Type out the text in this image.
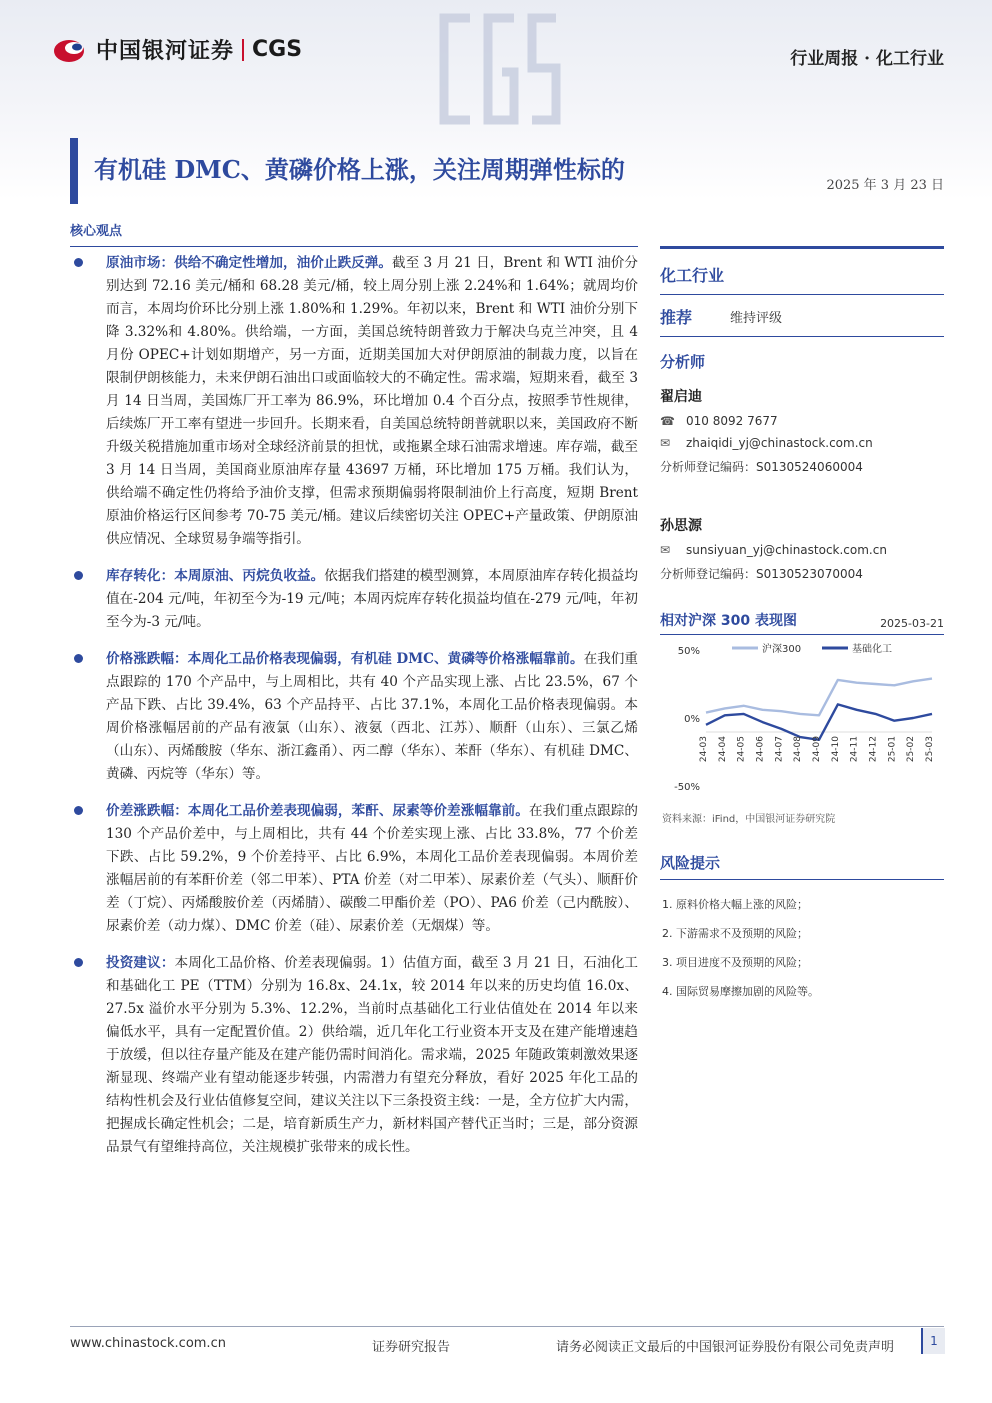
中国银河证券 CGS	行业周报 · 化工行业
有机硅 DMC、黄磷价格上涨，关注周期弹性标的
2025 年 3 月 23 日
核心观点
原油市场：供给不确定性增加，油价止跌反弹。截至 3 月 21 日，Brent 和 WTI 油价分别达到 72.16 美元/桶和 68.28 美元/桶，较上周分别上涨 2.24%和 1.64%；就周均价而言，本周均价环比分别上涨 1.80%和 1.29%。年初以来，Brent 和 WTI 油价分别下降 3.32%和 4.80%。供给端，一方面，美国总统特朗普致力于解决乌克兰冲突，且 4 月份 OPEC+计划如期增产，另一方面，近期美国加大对伊朗原油的制裁力度，以旨在限制伊朗核能力，未来伊朗石油出口或面临较大的不确定性。需求端，短期来看，截至 3 月 14 日当周，美国炼厂开工率为 86.9%，环比增加 0.4 个百分点，按照季节性规律，后续炼厂开工率有望进一步回升。长期来看，自美国总统特朗普就职以来，美国政府不断升级关税措施加重市场对全球经济前景的担忧，或拖累全球石油需求增速。库存端，截至 3 月 14 日当周，美国商业原油库存量 43697 万桶，环比增加 175 万桶。我们认为，供给端不确定性仍将给予油价支撑，但需求预期偏弱将限制油价上行高度，短期 Brent 原油价格运行区间参考 70-75 美元/桶。建议后续密切关注 OPEC+产量政策、伊朗原油供应情况、全球贸易争端等指引。
库存转化：本周原油、丙烷负收益。依据我们搭建的模型测算，本周原油库存转化损益均值在-204 元/吨，年初至今为-19 元/吨；本周丙烷库存转化损益均值在-279 元/吨，年初至今为-3 元/吨。
价格涨跌幅：本周化工品价格表现偏弱，有机硅 DMC、黄磷等价格涨幅靠前。在我们重点跟踪的 170 个产品中，与上周相比，共有 40 个产品实现上涨、占比 23.5%，67 个产品下跌、占比 39.4%，63 个产品持平、占比 37.1%，本周化工品价格表现偏弱。本周价格涨幅居前的产品有液氯（山东）、液氨（西北、江苏）、顺酐（山东）、三氯乙烯（山东）、丙烯酸胺（华东、浙江鑫甬）、丙二醇（华东）、苯酐（华东）、有机硅 DMC、黄磷、丙烷等（华东）等。
价差涨跌幅：本周化工品价差表现偏弱，苯酐、尿素等价差涨幅靠前。在我们重点跟踪的 130 个产品价差中，与上周相比，共有 44 个价差实现上涨、占比 33.8%，77 个价差下跌、占比 59.2%，9 个价差持平、占比 6.9%，本周化工品价差表现偏弱。本周价差涨幅居前的有苯酐价差（邻二甲苯）、PTA 价差（对二甲苯）、尿素价差（气头）、顺酐价差（丁烷）、丙烯酸胺价差（丙烯腈）、碳酸二甲酯价差（PO）、PA6 价差（己内酰胺）、尿素价差（动力煤）、DMC 价差（硅）、尿素价差（无烟煤）等。
投资建议：本周化工品价格、价差表现偏弱。1）估值方面，截至 3 月 21 日，石油化工和基础化工 PE（TTM）分别为 16.8x、24.1x，较 2014 年以来的历史均值 16.0x、27.5x 溢价水平分别为 5.3%、12.2%，当前时点基础化工行业估值处在 2014 年以来偏低水平，具有一定配置价值。2）供给端，近几年化工行业资本开支及在建产能增速趋于放缓，但以往存量产能及在建产能仍需时间消化。需求端，2025 年随政策刺激效果逐渐显现、终端产业有望动能逐步转强，内需潜力有望充分释放，看好 2025 年化工品的结构性机会及行业估值修复空间，建议关注以下三条投资主线：一是，全方位扩大内需，把握成长确定性机会；二是，培育新质生产力，新材料国产替代正当时；三是，部分资源品景气有望维持高位，关注规模扩张带来的成长性。
化工行业
推荐	维持评级
分析师
翟启迪
☎ 010 8092 7677
✉	zhaiqidi_yj@chinastock.com.cn
分析师登记编码：S0130524060004
孙思源
✉	sunsiyuan_yj@chinastock.com.cn
分析师登记编码：S0130523070004
相对沪深 300 表现图	2025-03-21
50%
0%
-50%
24-03 24-04 24-05 24-06 24-07 24-08 24-09 24-10 24-11 24-12 25-01 25-02 25-03
沪深300	基础化工
资料来源：iFind，中国银河证券研究院
风险提示
1. 原料价格大幅上涨的风险；
2. 下游需求不及预期的风险；
3. 项目进度不及预期的风险；
4. 国际贸易摩擦加剧的风险等。
www.chinastock.com.cn	证券研究报告	请务必阅读正文最后的中国银河证券股份有限公司免责声明	1
